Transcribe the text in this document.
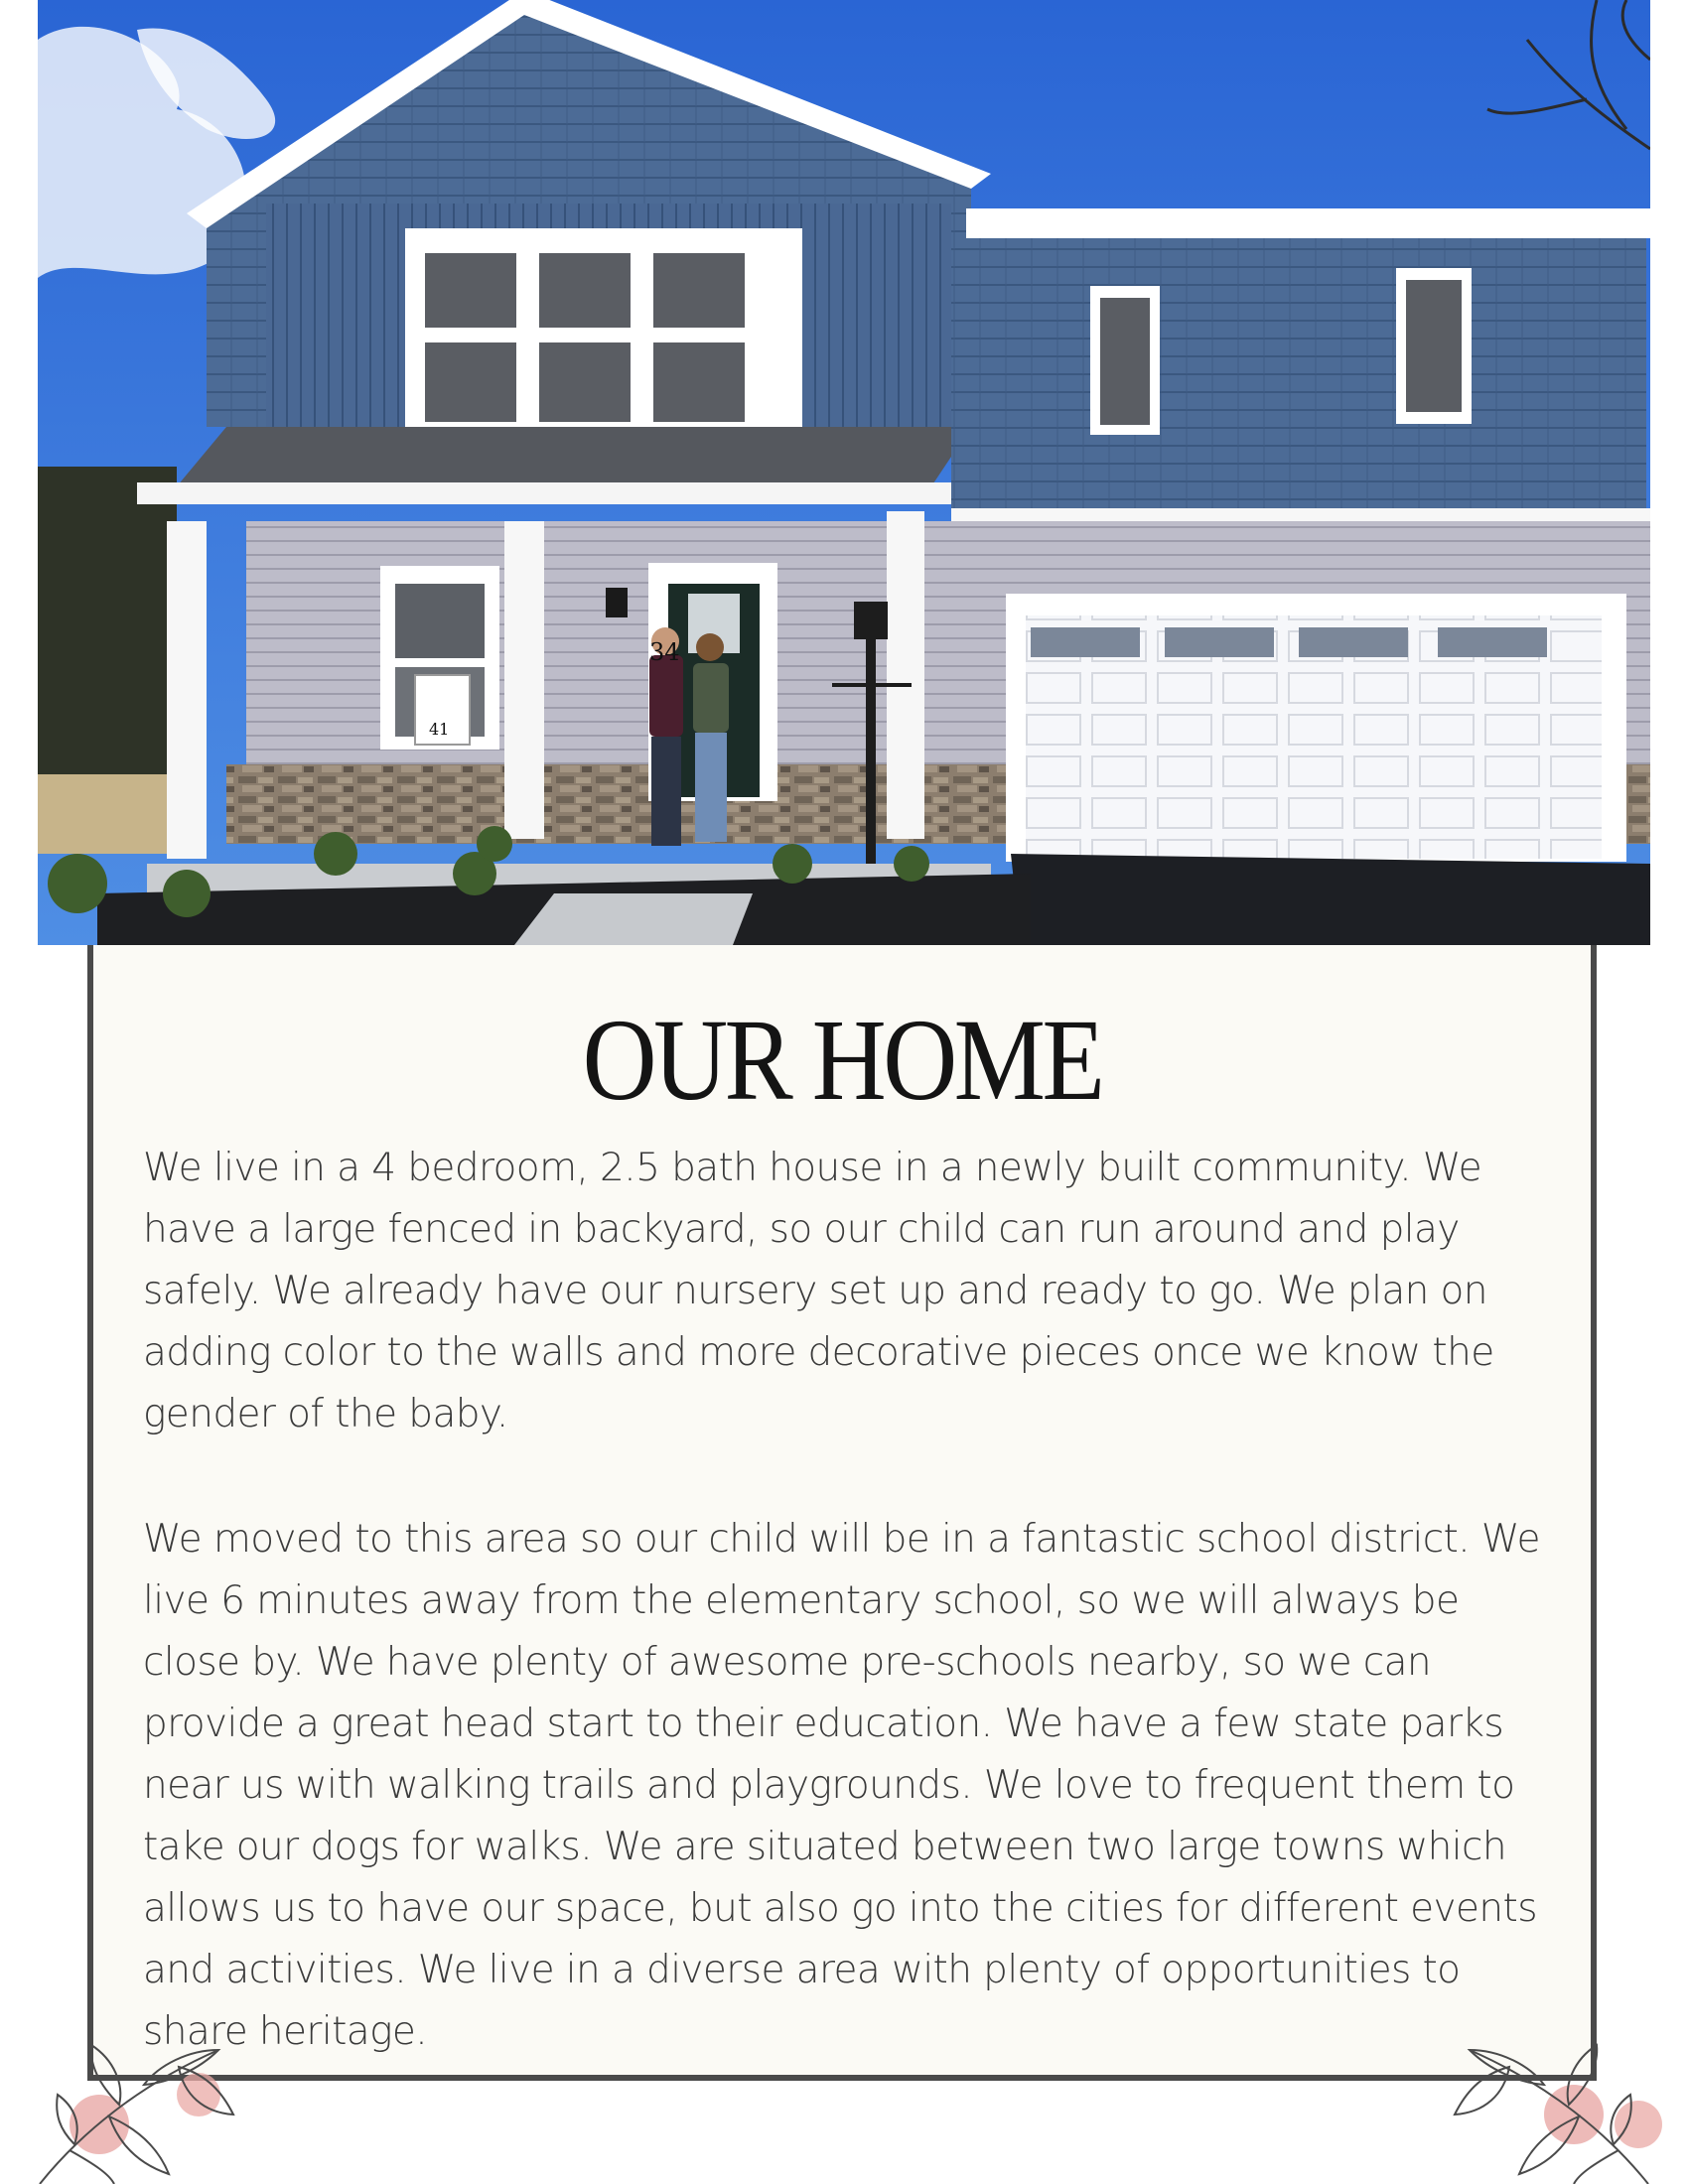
34
41
OUR HOME

We live in a 4 bedroom, 2.5 bath house in a newly built community. We have a large fenced in backyard, so our child can run around and play safely. We already have our nursery set up and ready to go. We plan on adding color to the walls and more decorative pieces once we know the gender of the baby.

We moved to this area so our child will be in a fantastic school district. We live 6 minutes away from the elementary school, so we will always be close by. We have plenty of awesome pre-schools nearby, so we can provide a great head start to their education. We have a few state parks near us with walking trails and playgrounds. We love to frequent them to take our dogs for walks. We are situated between two large towns which allows us to have our space, but also go into the cities for different events and activities. We live in a diverse area with plenty of opportunities to share heritage.
